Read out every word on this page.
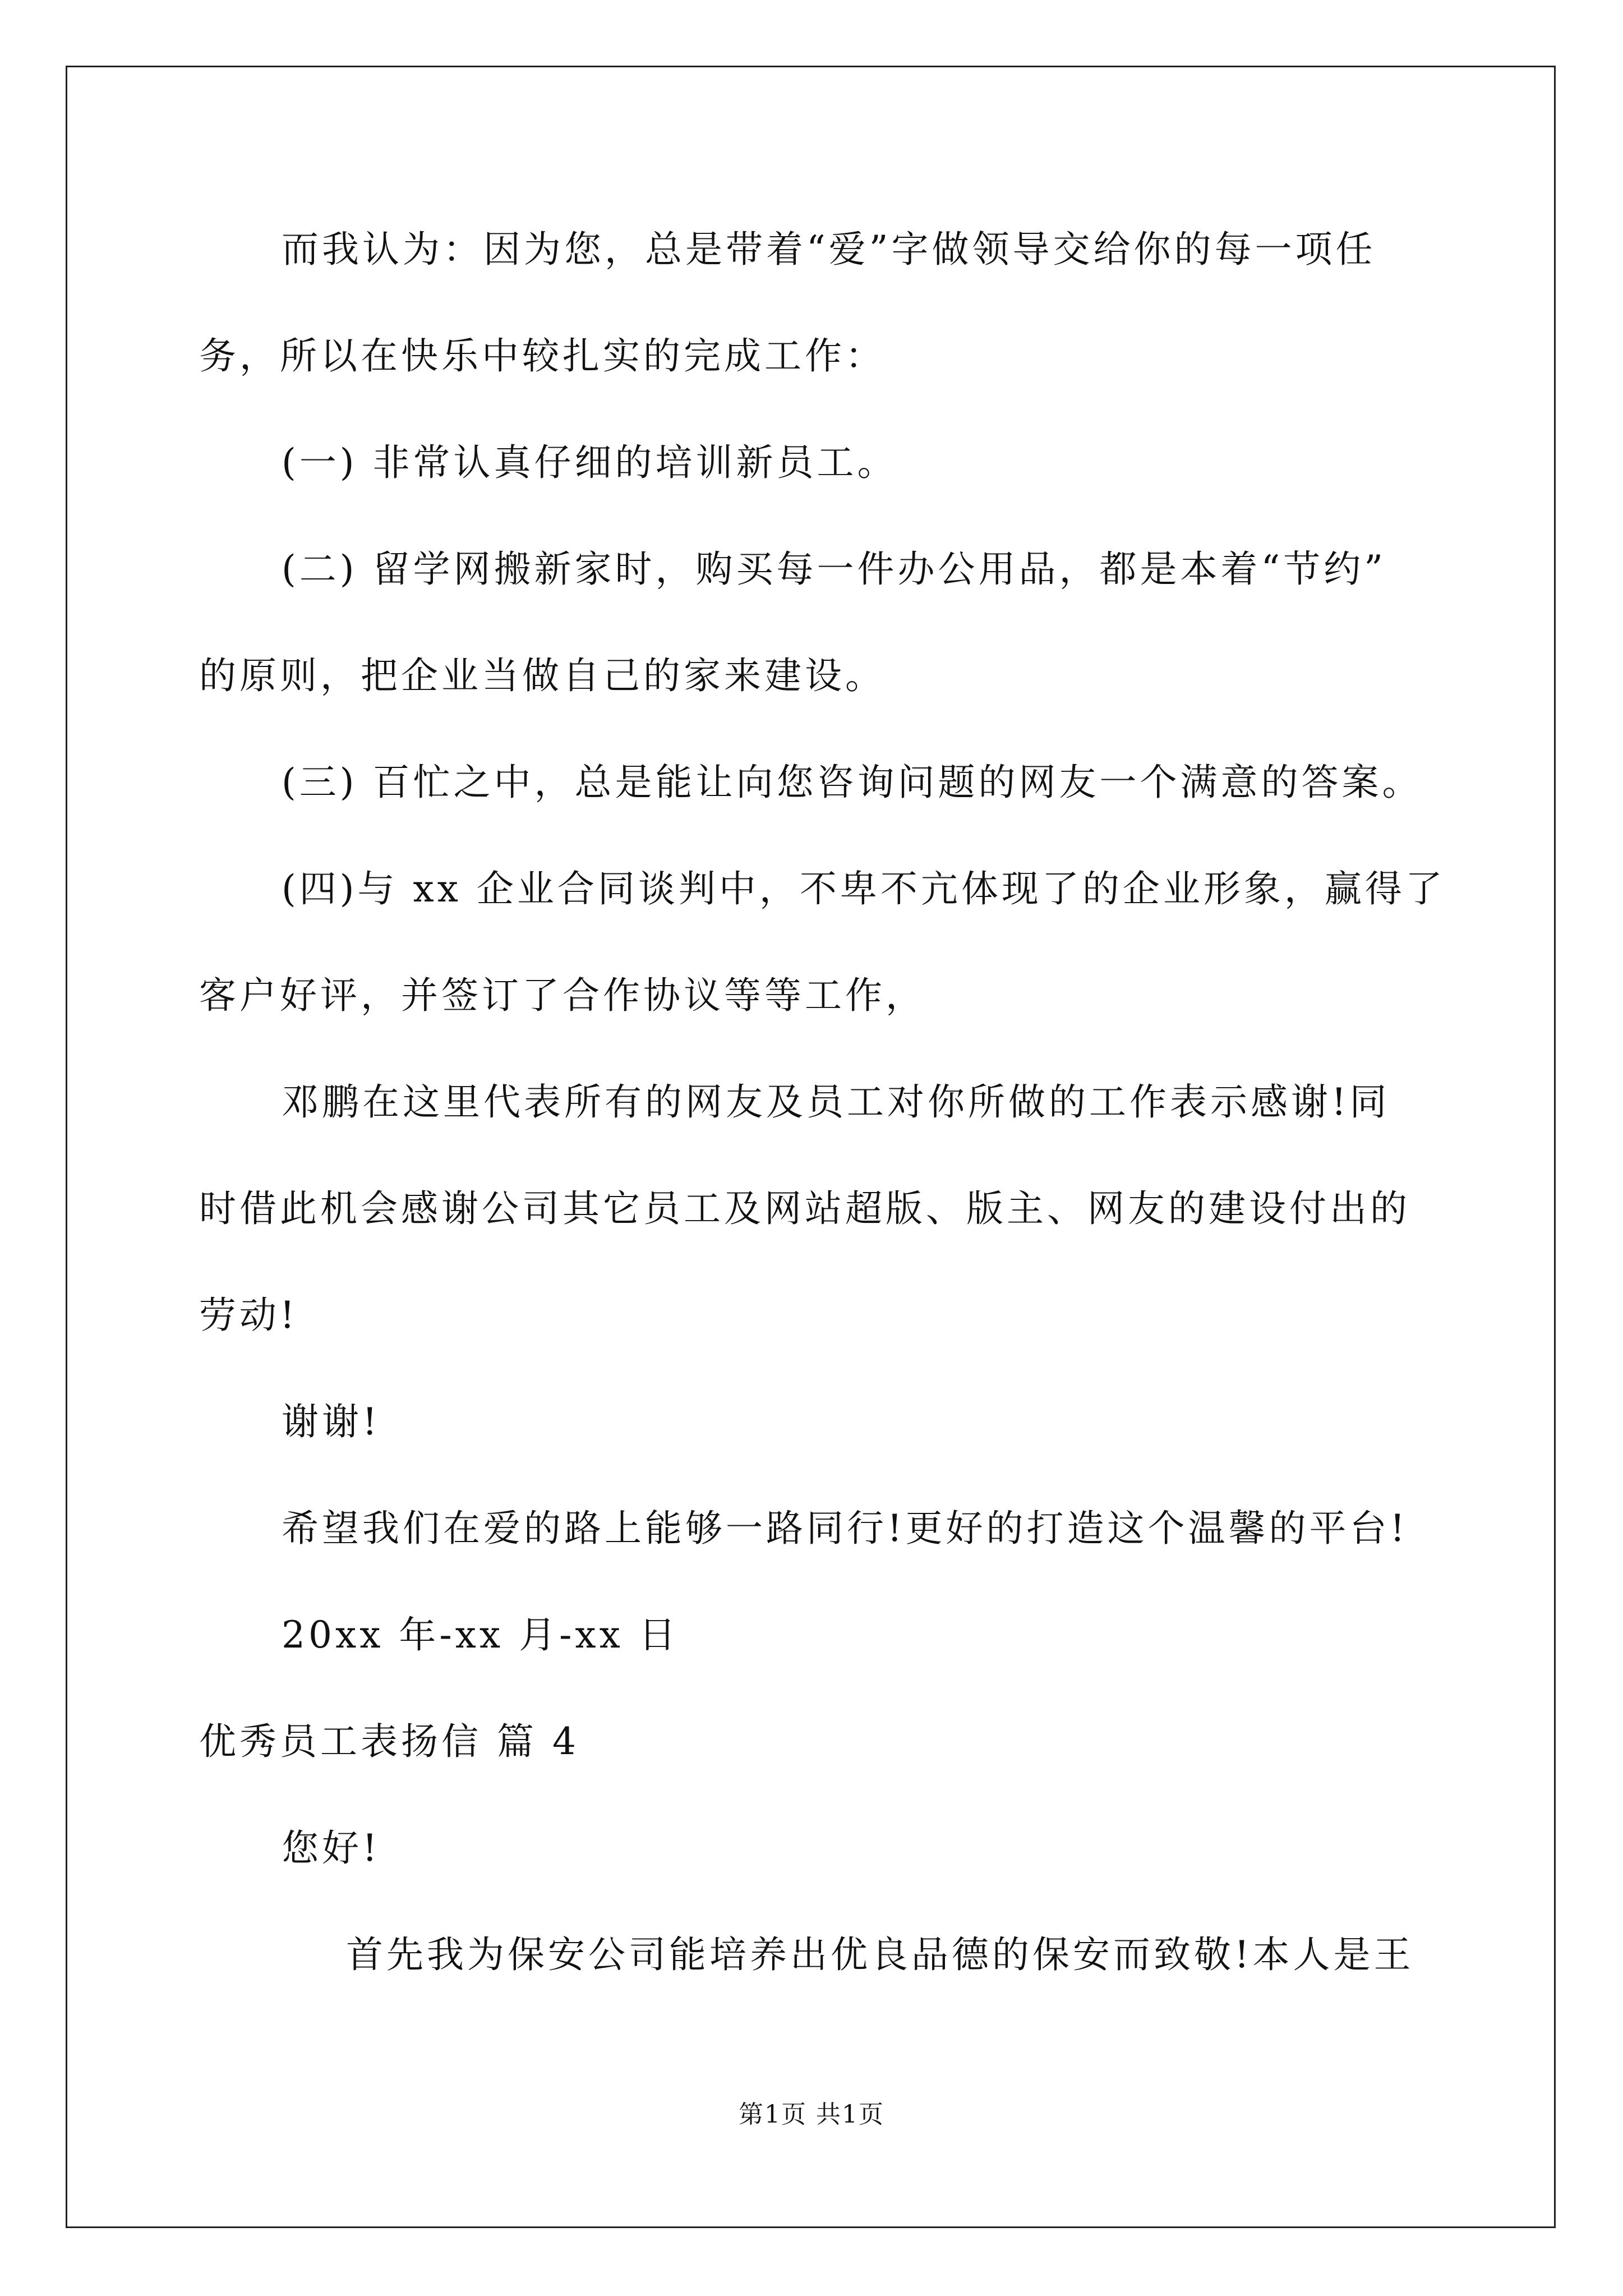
而我认为：因为您，总是带着“爱”字做领导交给你的每一项任
务，所以在快乐中较扎实的完成工作：
(一) 非常认真仔细的培训新员工。
(二) 留学网搬新家时，购买每一件办公用品，都是本着“节约”
的原则，把企业当做自己的家来建设。
(三) 百忙之中，总是能让向您咨询问题的网友一个满意的答案。
(四)与 xx 企业合同谈判中，不卑不亢体现了的企业形象，赢得了
客户好评，并签订了合作协议等等工作，
邓鹏在这里代表所有的网友及员工对你所做的工作表示感谢!同
时借此机会感谢公司其它员工及网站超版、版主、网友的建设付出的
劳动!
谢谢!
希望我们在爱的路上能够一路同行!更好的打造这个温馨的平台!
20xx 年-xx 月-xx 日
优秀员工表扬信 篇 4
您好!
首先我为保安公司能培养出优良品德的保安而致敬!本人是王
第1页 共1页
